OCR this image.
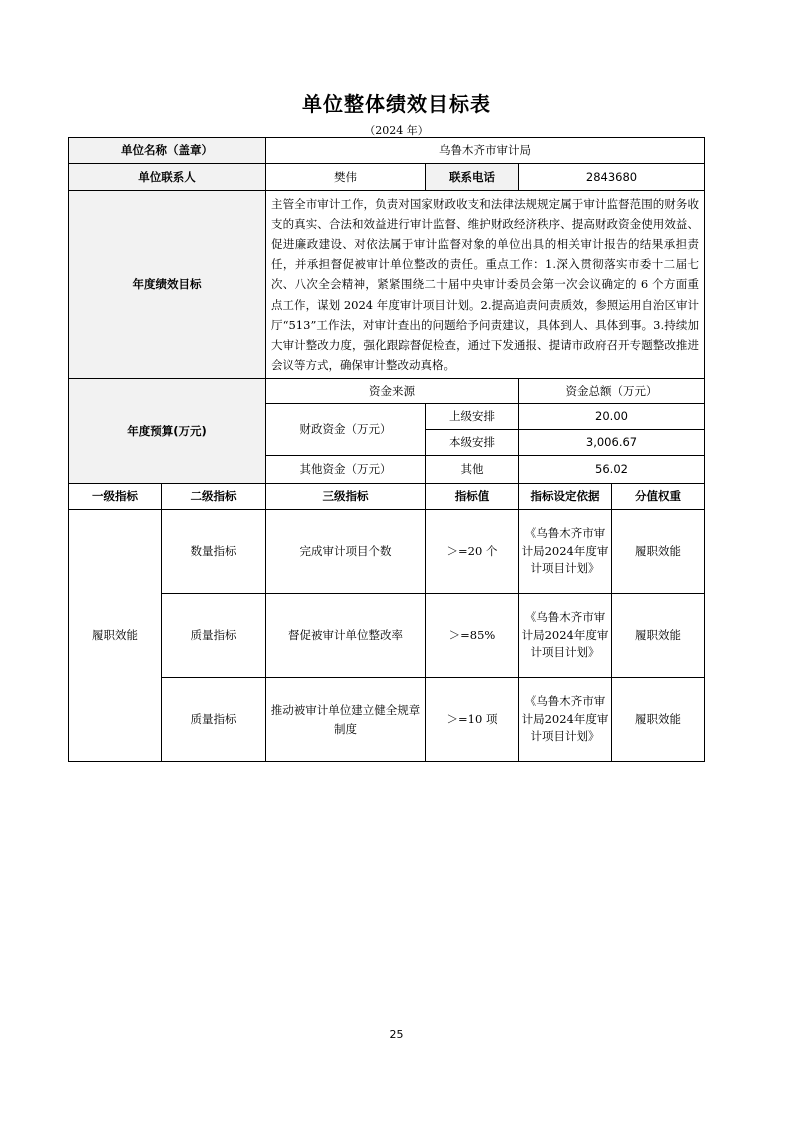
单位整体绩效目标表
（2024 年）
单位名称（盖章）		乌鲁木齐市审计局			
单位联系人		樊伟	联系电话	2843680	
年度绩效目标		主管全市审计工作，负责对国家财政收支和法律法规规定属于审计监督范围的财务收支的真实、合法和效益进行审计监督、维护财政经济秩序、提高财政资金使用效益、促进廉政建设、对依法属于审计监督对象的单位出具的相关审计报告的结果承担责任，并承担督促被审计单位整改的责任。重点工作：1.深入贯彻落实市委十二届七次、八次全会精神，紧紧围绕二十届中央审计委员会第一次会议确定的 6 个方面重点工作，谋划 2024 年度审计项目计划。2.提高追责问责质效，参照运用自治区审计厅“513”工作法，对审计查出的问题给予问责建议，具体到人、具体到事。3.持续加大审计整改力度，强化跟踪督促检查，通过下发通报、提请市政府召开专题整改推进会议等方式，确保审计整改动真格。			
年度预算(万元)		资金来源		资金总额（万元）	
		财政资金（万元）	上级安排	20.00	
			本级安排	3,006.67	
		其他资金（万元）	其他	56.02	
一级指标	二级指标	三级指标	指标值	指标设定依据	分值权重
履职效能	数量指标	完成审计项目个数	＞=20 个	《乌鲁木齐市审计局2024年度审计项目计划》	履职效能
	质量指标	督促被审计单位整改率	＞=85%	《乌鲁木齐市审计局2024年度审计项目计划》	履职效能
	质量指标	推动被审计单位建立健全规章制度	＞=10 项	《乌鲁木齐市审计局2024年度审计项目计划》	履职效能
25
